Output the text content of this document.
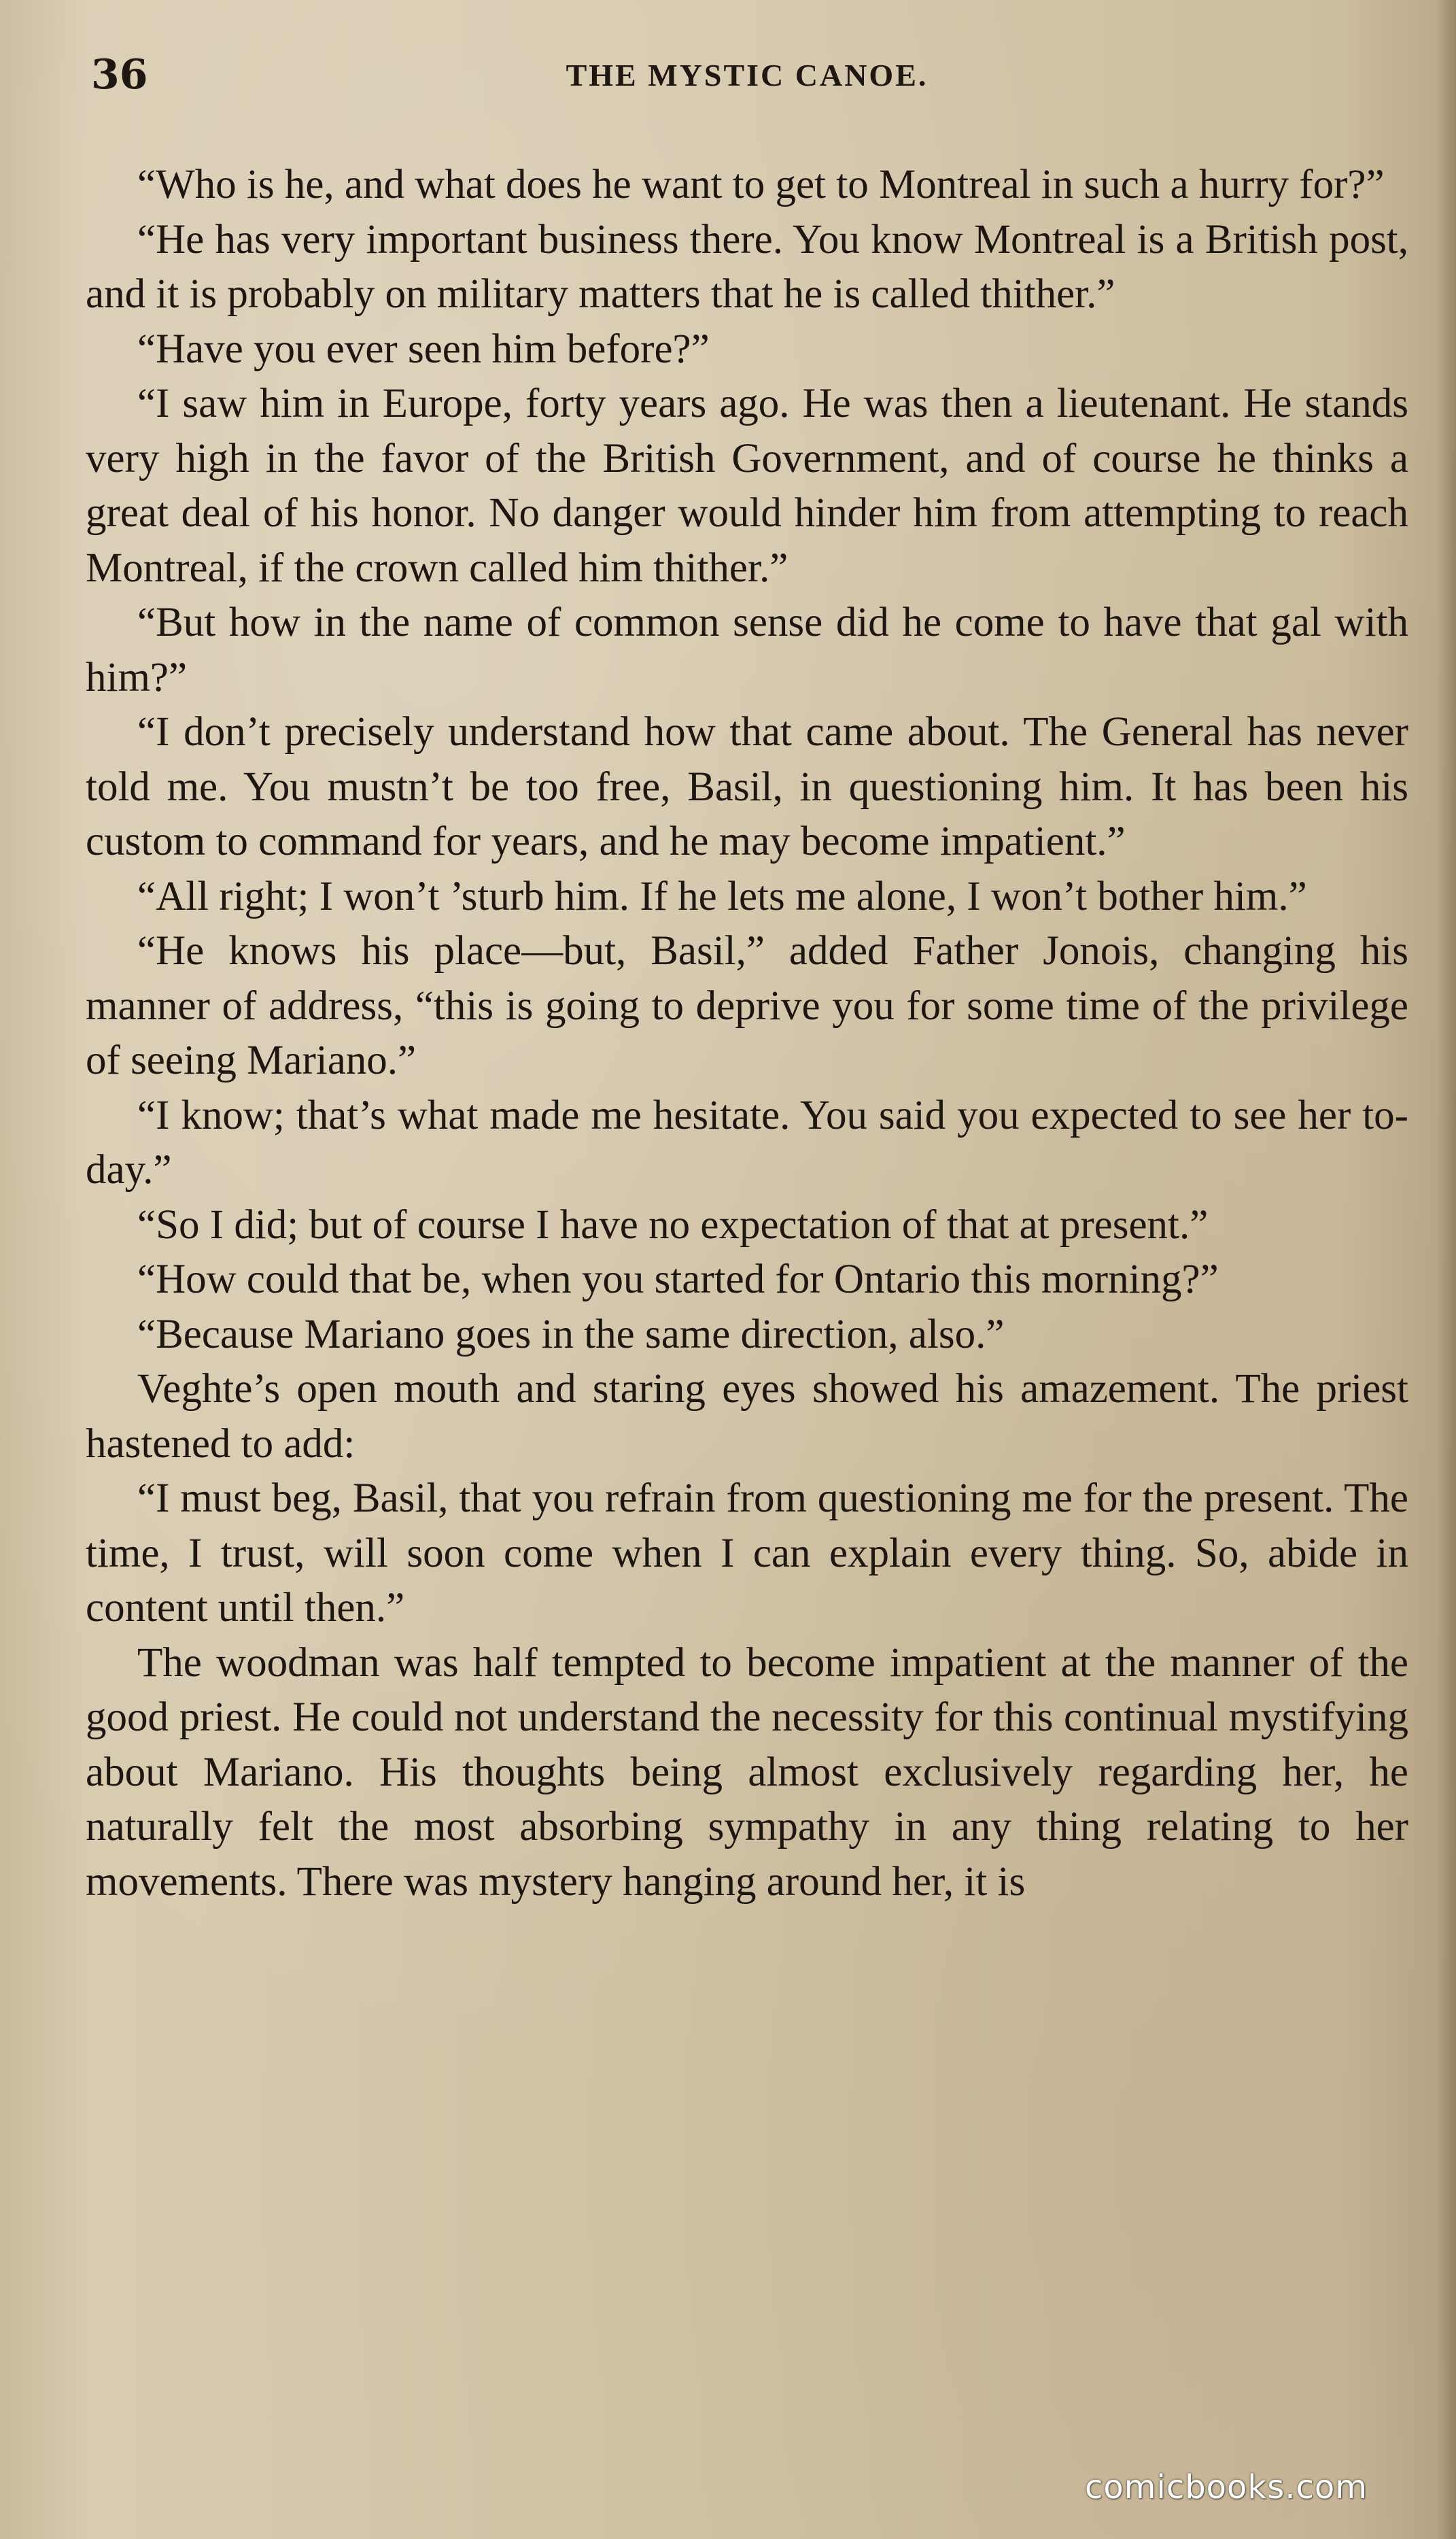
36	THE MYSTIC CANOE.

“Who is he, and what does he want to get to Montreal in such a hurry for?”

“He has very important business there. You know Montreal is a British post, and it is probably on military matters that he is called thither.”

“Have you ever seen him before?”

“I saw him in Europe, forty years ago. He was then a lieutenant. He stands very high in the favor of the British Government, and of course he thinks a great deal of his honor. No danger would hinder him from attempting to reach Montreal, if the crown called him thither.”

“But how in the name of common sense did he come to have that gal with him?”

“I don’t precisely understand how that came about. The General has never told me. You mustn’t be too free, Basil, in questioning him. It has been his custom to command for years, and he may become impatient.”

“All right; I won’t ’sturb him. If he lets me alone, I won’t bother him.”

“He knows his place—but, Basil,” added Father Jonois, changing his manner of address, “this is going to deprive you for some time of the privilege of seeing Mariano.”

“I know; that’s what made me hesitate. You said you expected to see her to-day.”

“So I did; but of course I have no expectation of that at present.”

“How could that be, when you started for Ontario this morning?”

“Because Mariano goes in the same direction, also.”

Veghte’s open mouth and staring eyes showed his amazement. The priest hastened to add:

“I must beg, Basil, that you refrain from questioning me for the present. The time, I trust, will soon come when I can explain every thing. So, abide in content until then.”

The woodman was half tempted to become impatient at the manner of the good priest. He could not understand the necessity for this continual mystifying about Mariano. His thoughts being almost exclusively regarding her, he naturally felt the most absorbing sympathy in any thing relating to her movements. There was mystery hanging around her, it is

comicbooks.com
